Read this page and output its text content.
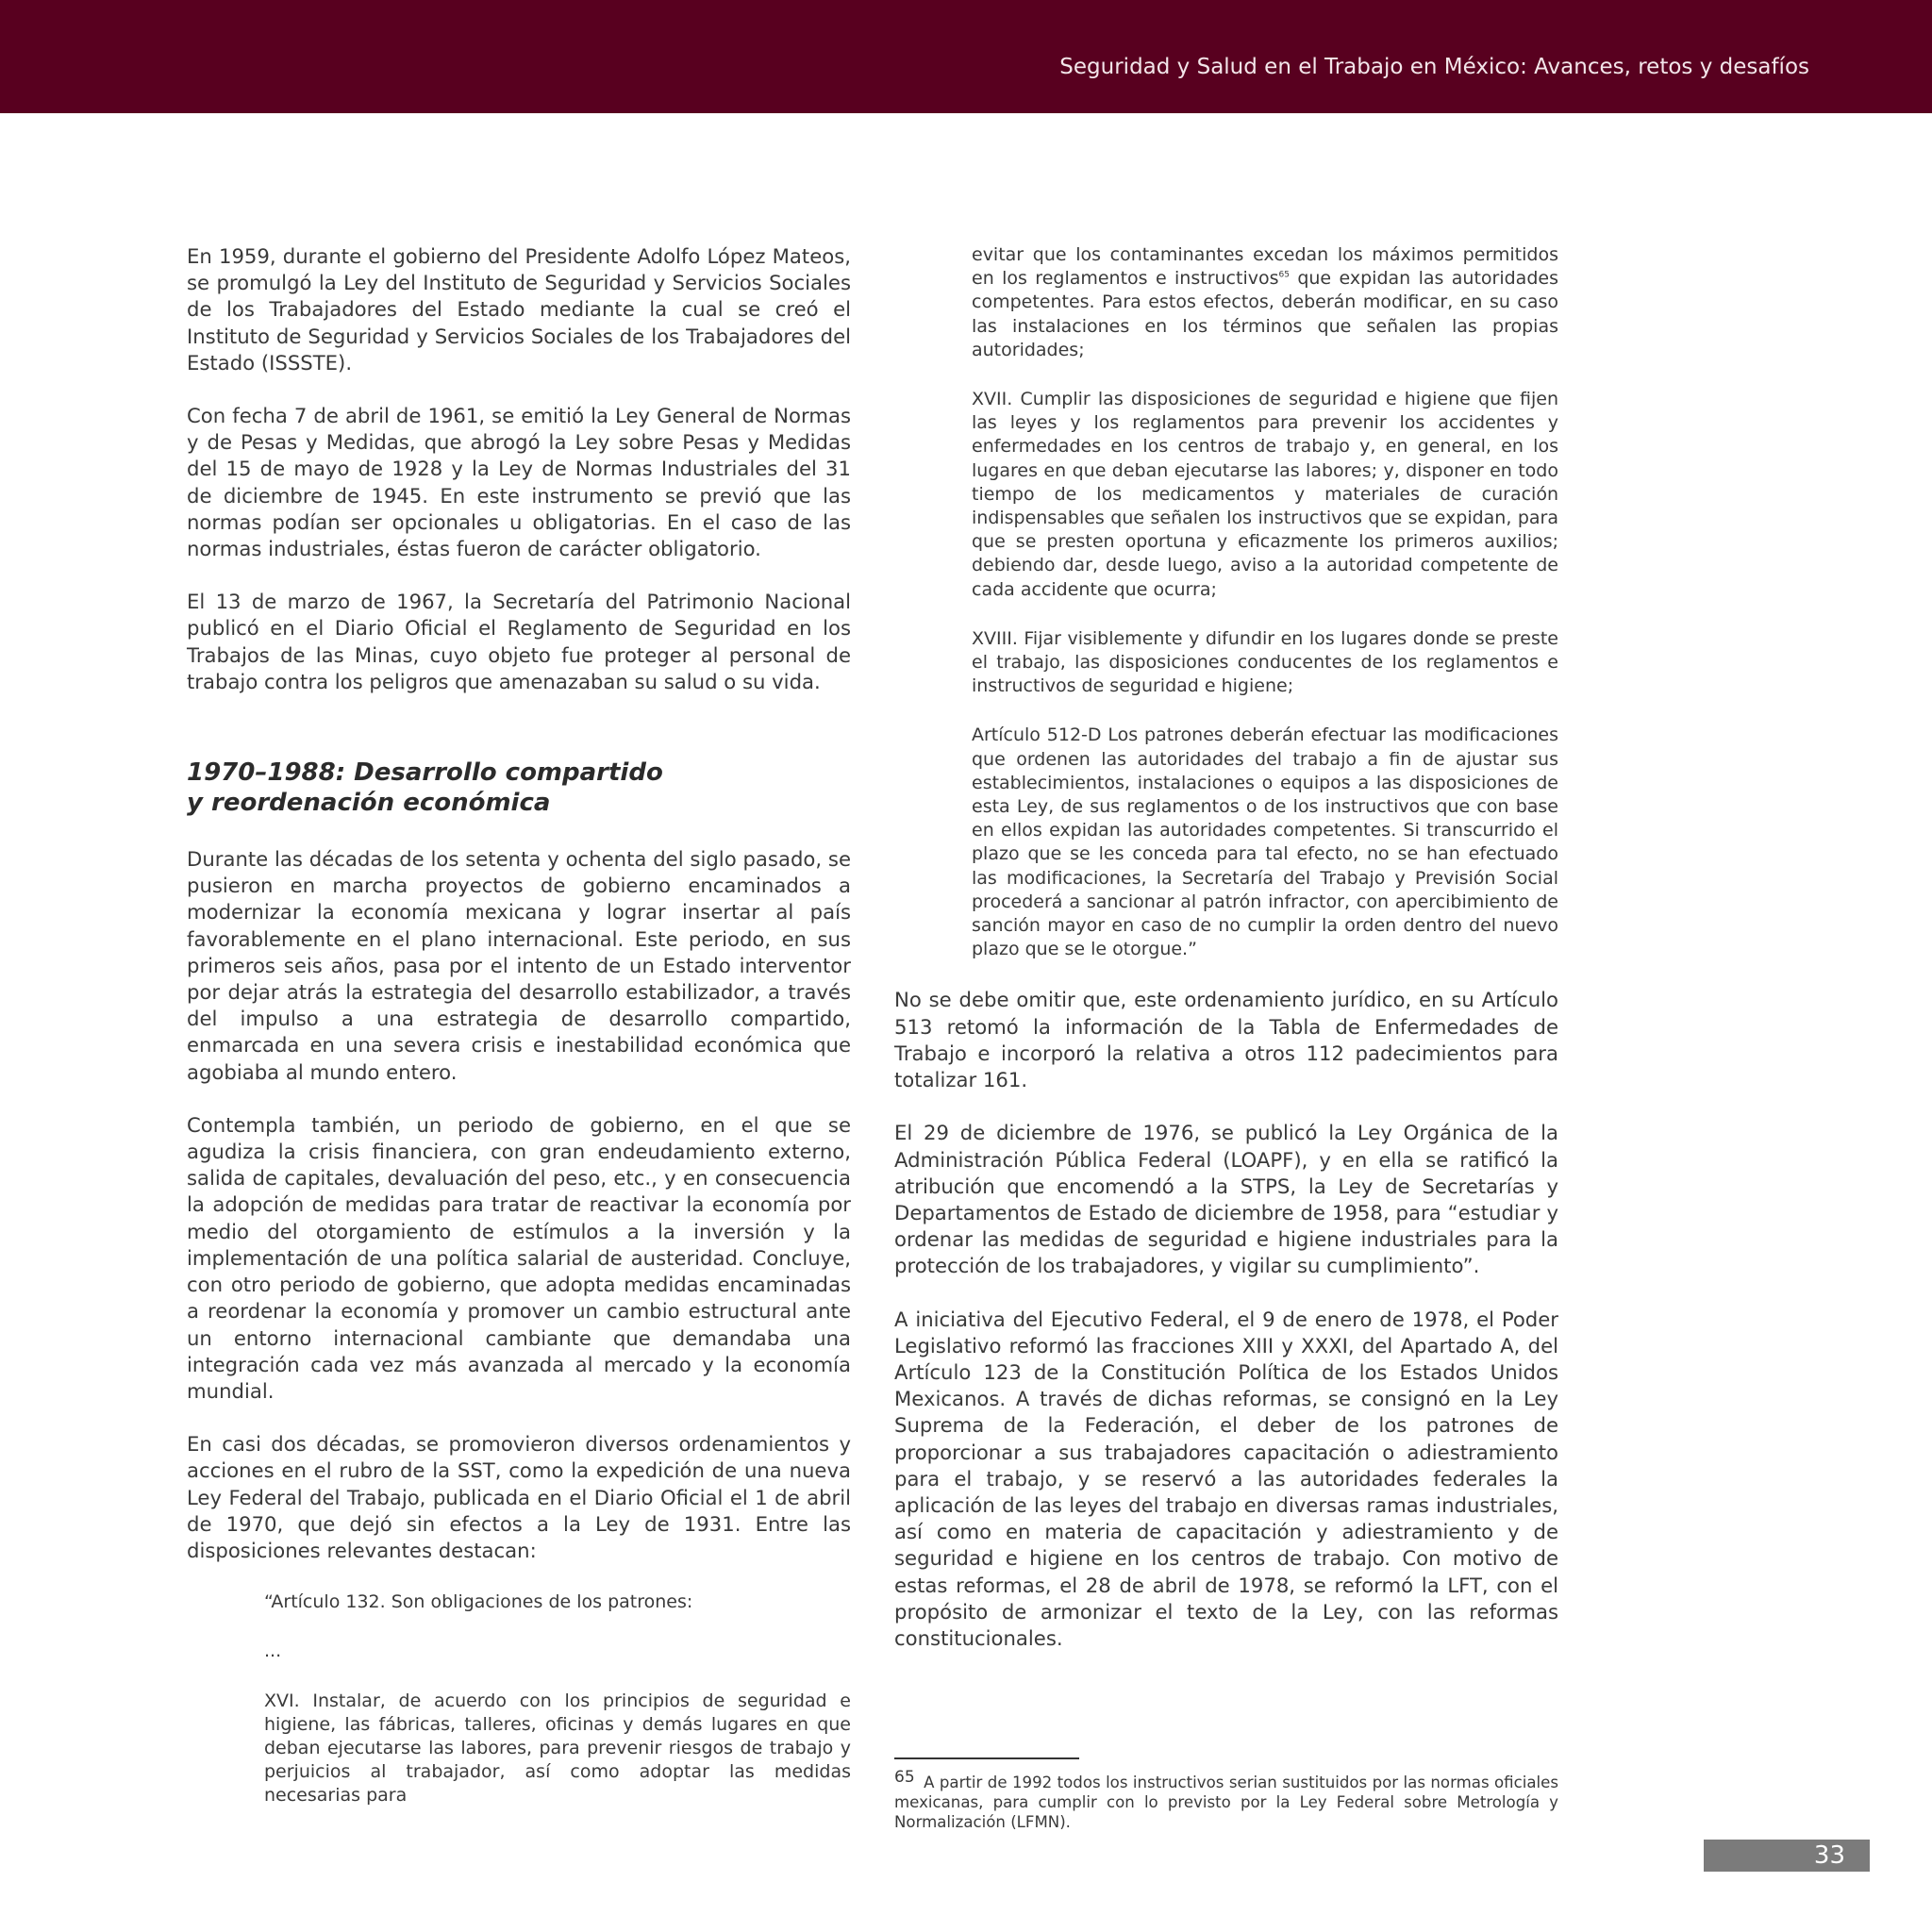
Seguridad y Salud en el Trabajo en México: Avances, retos y desafíos

En 1959, durante el gobierno del Presidente Adolfo López Mateos, se promulgó la Ley del Instituto de Seguridad y Servicios Sociales de los Trabajadores del Estado mediante la cual se creó el Instituto de Seguridad y Servicios Sociales de los Trabajadores del Estado (ISSSTE).

Con fecha 7 de abril de 1961, se emitió la Ley General de Normas y de Pesas y Medidas, que abrogó la Ley sobre Pesas y Medidas del 15 de mayo de 1928 y la Ley de Normas Industriales del 31 de diciembre de 1945. En este instrumento se previó que las normas podían ser opcionales u obligatorias. En el caso de las normas industriales, éstas fueron de carácter obligatorio.

El 13 de marzo de 1967, la Secretaría del Patrimonio Nacional publicó en el Diario Oficial el Reglamento de Seguridad en los Trabajos de las Minas, cuyo objeto fue proteger al personal de trabajo contra los peligros que amenazaban su salud o su vida.

1970–1988: Desarrollo compartido
y reordenación económica

Durante las décadas de los setenta y ochenta del siglo pasado, se pusieron en marcha proyectos de gobierno encaminados a modernizar la economía mexicana y lograr insertar al país favorablemente en el plano internacional. Este periodo, en sus primeros seis años, pasa por el intento de un Estado interventor por dejar atrás la estrategia del desarrollo estabilizador, a través del impulso a una estrategia de desarrollo compartido, enmarcada en una severa crisis e inestabilidad económica que agobiaba al mundo entero.

Contempla también, un periodo de gobierno, en el que se agudiza la crisis financiera, con gran endeudamiento externo, salida de capitales, devaluación del peso, etc., y en consecuencia la adopción de medidas para tratar de reactivar la economía por medio del otorgamiento de estímulos a la inversión y la implementación de una política salarial de austeridad. Concluye, con otro periodo de gobierno, que adopta medidas encaminadas a reordenar la economía y promover un cambio estructural ante un entorno internacional cambiante que demandaba una integración cada vez más avanzada al mercado y la economía mundial.

En casi dos décadas, se promovieron diversos ordenamientos y acciones en el rubro de la SST, como la expedición de una nueva Ley Federal del Trabajo, publicada en el Diario Oficial el 1 de abril de 1970, que dejó sin efectos a la Ley de 1931. Entre las disposiciones relevantes destacan:

“Artículo 132. Son obligaciones de los patrones:

...

XVI. Instalar, de acuerdo con los principios de seguridad e higiene, las fábricas, talleres, oficinas y demás lugares en que deban ejecutarse las labores, para prevenir riesgos de trabajo y perjuicios al trabajador, así como adoptar las medidas necesarias para

evitar que los contaminantes excedan los máximos permitidos en los reglamentos e instructivos$^{65}$ que expidan las autoridades competentes. Para estos efectos, deberán modificar, en su caso las instalaciones en los términos que señalen las propias autoridades;

XVII. Cumplir las disposiciones de seguridad e higiene que fijen las leyes y los reglamentos para prevenir los accidentes y enfermedades en los centros de trabajo y, en general, en los lugares en que deban ejecutarse las labores; y, disponer en todo tiempo de los medicamentos y materiales de curación indispensables que señalen los instructivos que se expidan, para que se presten oportuna y eficazmente los primeros auxilios; debiendo dar, desde luego, aviso a la autoridad competente de cada accidente que ocurra;

XVIII. Fijar visiblemente y difundir en los lugares donde se preste el trabajo, las disposiciones conducentes de los reglamentos e instructivos de seguridad e higiene;

Artículo 512-D Los patrones deberán efectuar las modificaciones que ordenen las autoridades del trabajo a fin de ajustar sus establecimientos, instalaciones o equipos a las disposiciones de esta Ley, de sus reglamentos o de los instructivos que con base en ellos expidan las autoridades competentes. Si transcurrido el plazo que se les conceda para tal efecto, no se han efectuado las modificaciones, la Secretaría del Trabajo y Previsión Social procederá a sancionar al patrón infractor, con apercibimiento de sanción mayor en caso de no cumplir la orden dentro del nuevo plazo que se le otorgue.”

No se debe omitir que, este ordenamiento jurídico, en su Artículo 513 retomó la información de la Tabla de Enfermedades de Trabajo e incorporó la relativa a otros 112 padecimientos para totalizar 161.

El 29 de diciembre de 1976, se publicó la Ley Orgánica de la Administración Pública Federal (LOAPF), y en ella se ratificó la atribución que encomendó a la STPS, la Ley de Secretarías y Departamentos de Estado de diciembre de 1958, para “estudiar y ordenar las medidas de seguridad e higiene industriales para la protección de los trabajadores, y vigilar su cumplimiento”.

A iniciativa del Ejecutivo Federal, el 9 de enero de 1978, el Poder Legislativo reformó las fracciones XIII y XXXI, del Apartado A, del Artículo 123 de la Constitución Política de los Estados Unidos Mexicanos. A través de dichas reformas, se consignó en la Ley Suprema de la Federación, el deber de los patrones de proporcionar a sus trabajadores capacitación o adiestramiento para el trabajo, y se reservó a las autoridades federales la aplicación de las leyes del trabajo en diversas ramas industriales, así como en materia de capacitación y adiestramiento y de seguridad e higiene en los centros de trabajo. Con motivo de estas reformas, el 28 de abril de 1978, se reformó la LFT, con el propósito de armonizar el texto de la Ley, con las reformas constitucionales.

65 A partir de 1992 todos los instructivos serian sustituidos por las normas oficiales mexicanas, para cumplir con lo previsto por la Ley Federal sobre Metrología y Normalización (LFMN).

33
